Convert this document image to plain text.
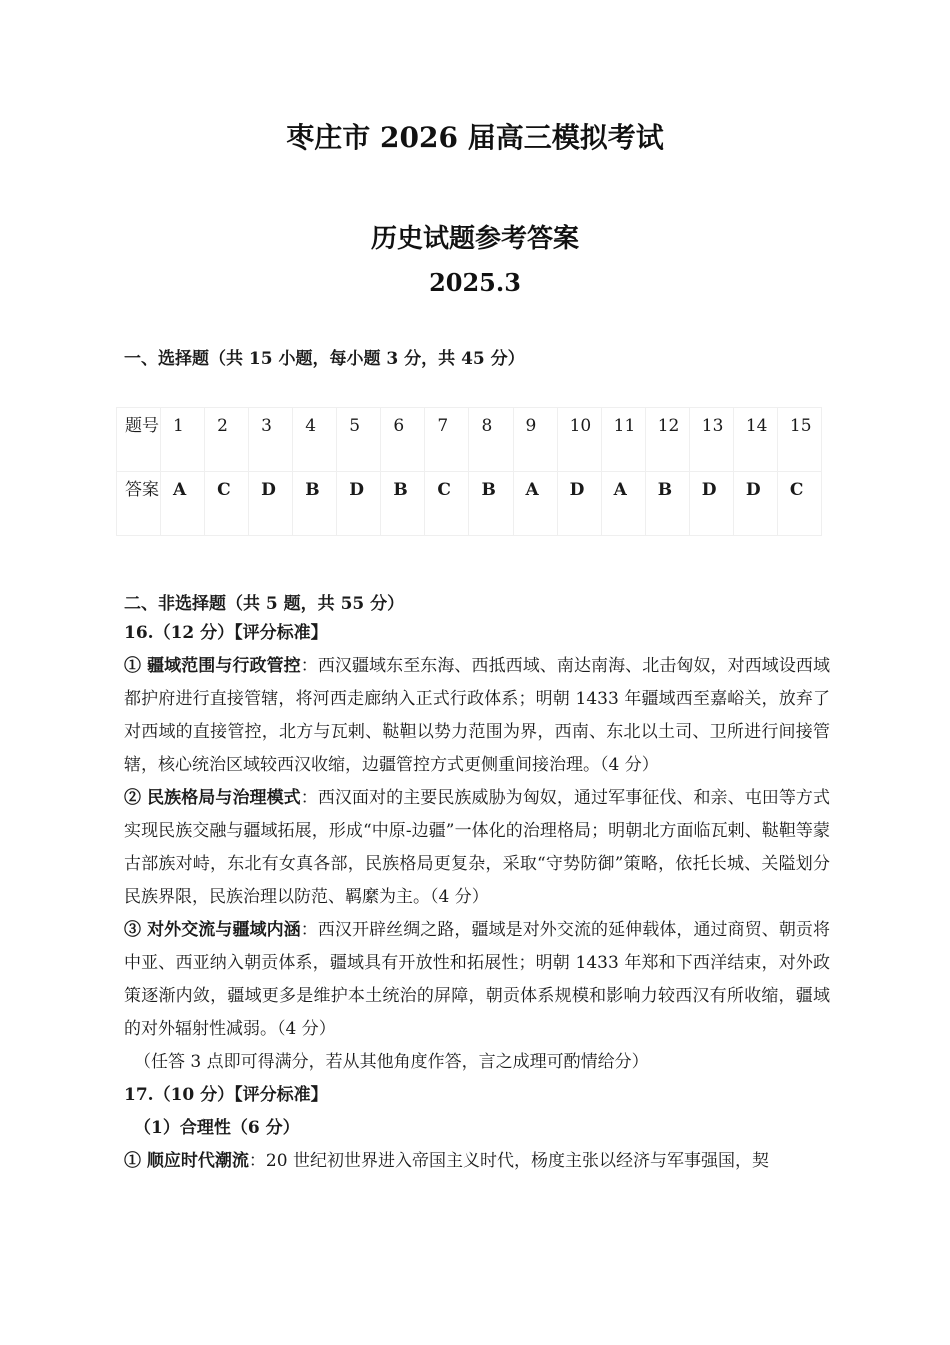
枣庄市 2026 届高三模拟考试
历史试题参考答案
2025.3
一、选择题（共 15 小题，每小题 3 分，共 45 分）
题号	1	2	3	4	5	6	7	8	9	10	11	12	13	14	15
答案	A	C	D	B	D	B	C	B	A	D	A	B	D	D	C
二、非选择题（共 5 题，共 55 分）
16.（12 分）【评分标准】
① 疆域范围与行政管控：西汉疆域东至东海、西抵西域、南达南海、北击匈奴，对西域设西域都护府进行直接管辖，将河西走廊纳入正式行政体系；明朝 1433 年疆域西至嘉峪关，放弃了对西域的直接管控，北方与瓦剌、鞑靼以势力范围为界，西南、东北以土司、卫所进行间接管辖，核心统治区域较西汉收缩，边疆管控方式更侧重间接治理。（4 分）
② 民族格局与治理模式：西汉面对的主要民族威胁为匈奴，通过军事征伐、和亲、屯田等方式实现民族交融与疆域拓展，形成“中原-边疆”一体化的治理格局；明朝北方面临瓦剌、鞑靼等蒙古部族对峙，东北有女真各部，民族格局更复杂，采取“守势防御”策略，依托长城、关隘划分民族界限，民族治理以防范、羁縻为主。（4 分）
③ 对外交流与疆域内涵：西汉开辟丝绸之路，疆域是对外交流的延伸载体，通过商贸、朝贡将中亚、西亚纳入朝贡体系，疆域具有开放性和拓展性；明朝 1433 年郑和下西洋结束，对外政策逐渐内敛，疆域更多是维护本土统治的屏障，朝贡体系规模和影响力较西汉有所收缩，疆域的对外辐射性减弱。（4 分）
（任答 3 点即可得满分，若从其他角度作答，言之成理可酌情给分）
17.（10 分）【评分标准】
（1）合理性（6 分）
① 顺应时代潮流：20 世纪初世界进入帝国主义时代，杨度主张以经济与军事强国，契
